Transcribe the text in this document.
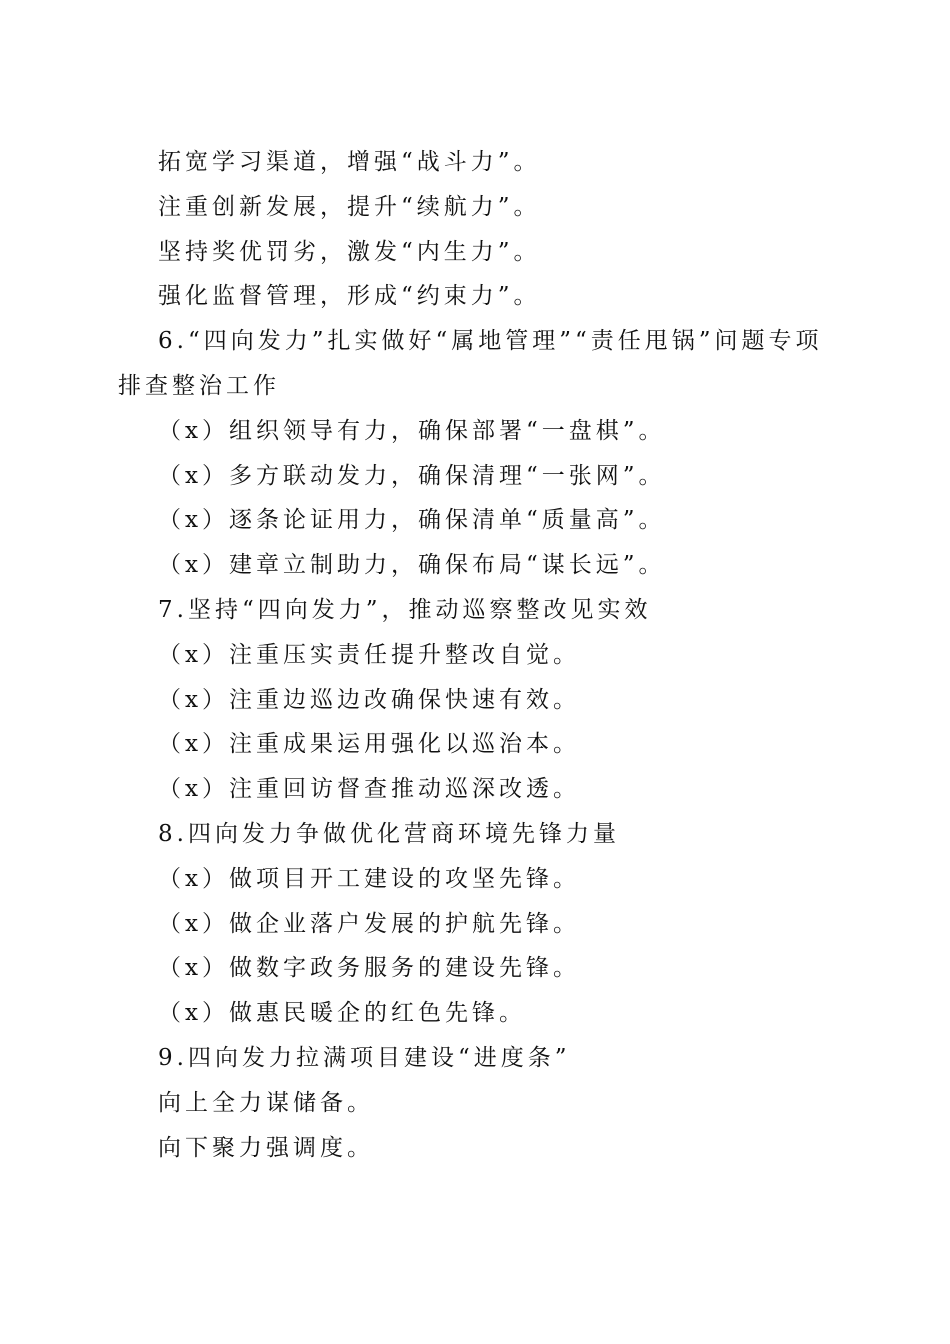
拓宽学习渠道，增强“战斗力”。
注重创新发展，提升“续航力”。
坚持奖优罚劣，激发“内生力”。
强化监督管理，形成“约束力”。
6.“四向发力”扎实做好“属地管理”“责任甩锅”问题专项排查整治工作
（x）组织领导有力，确保部署“一盘棋”。
（x）多方联动发力，确保清理“一张网”。
（x）逐条论证用力，确保清单“质量高”。
（x）建章立制助力，确保布局“谋长远”。
7.坚持“四向发力”，推动巡察整改见实效
（x）注重压实责任提升整改自觉。
（x）注重边巡边改确保快速有效。
（x）注重成果运用强化以巡治本。
（x）注重回访督查推动巡深改透。
8.四向发力争做优化营商环境先锋力量
（x）做项目开工建设的攻坚先锋。
（x）做企业落户发展的护航先锋。
（x）做数字政务服务的建设先锋。
（x）做惠民暖企的红色先锋。
9.四向发力拉满项目建设“进度条”
向上全力谋储备。
向下聚力强调度。
